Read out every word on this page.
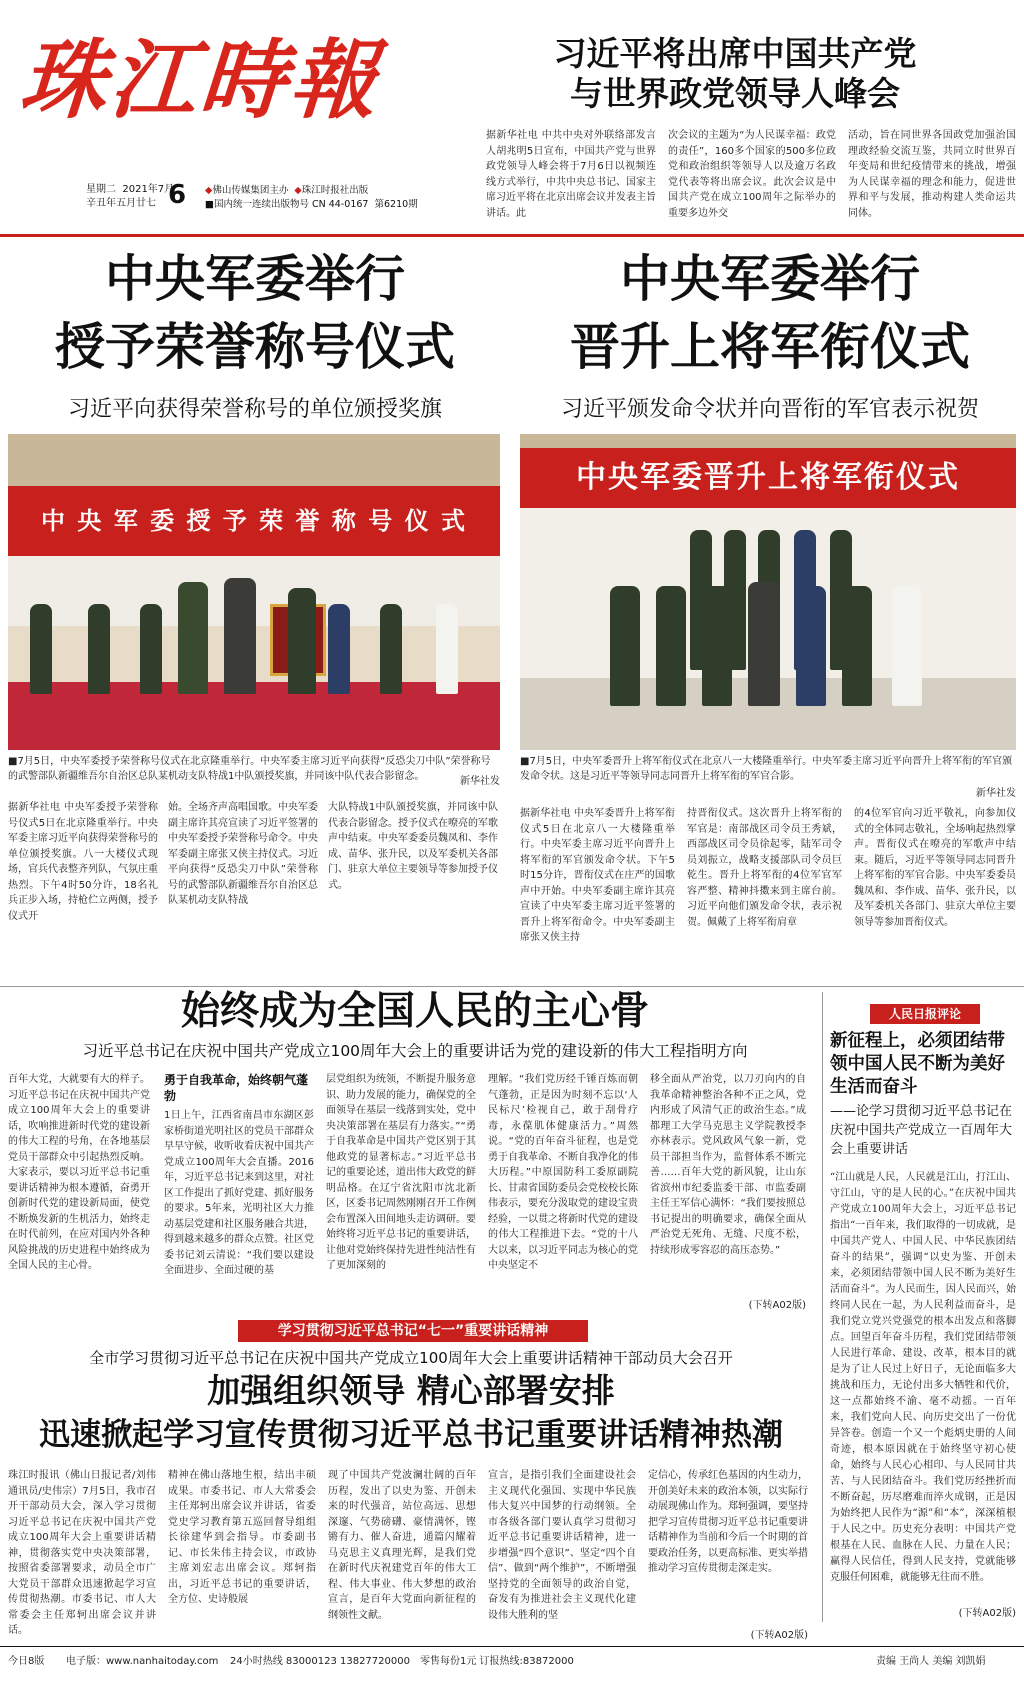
珠江時報
星期二 2021年7月
辛丑年五月廿七 6 ◆佛山传媒集团主办 ◆珠江时报社出版
■国内统一连续出版物号 CN 44-0167 第6210期
习近平将出席中国共产党
与世界政党领导人峰会
据新华社电 中共中央对外联络部发言人胡兆明5日宣布，中国共产党与世界政党领导人峰会将于7月6日以视频连线方式举行，中共中央总书记、国家主席习近平将在北京出席会议并发表主旨讲话。此
次会议的主题为“为人民谋幸福：政党的责任”，160多个国家的500多位政党和政治组织等领导人以及逾万名政党代表等将出席会议。此次会议是中国共产党在成立100周年之际举办的重要多边外交
活动，旨在同世界各国政党加强治国理政经验交流互鉴，共同立时世界百年变局和世纪疫情带来的挑战，增强为人民谋幸福的理念和能力，促进世界和平与发展，推动构建人类命运共同体。
中央军委举行
授予荣誉称号仪式
习近平向获得荣誉称号的单位颁授奖旗
中 央 军 委 授 予 荣 誉 称 号 仪 式
■7月5日，中央军委授予荣誉称号仪式在北京隆重举行。中央军委主席习近平向获得“反恐尖刀中队”荣誉称号的武警部队新疆维吾尔自治区总队某机动支队特战1中队颁授奖旗，并同该中队代表合影留念。	新华社发
据新华社电 中央军委授予荣誉称号仪式5日在北京隆重举行。中央军委主席习近平向获得荣誉称号的单位颁授奖旗。八一大楼仪式现场，官兵代表整齐列队，气氛庄重热烈。下午4时50分许，18名礼兵正步入场，持枪伫立两侧，授予仪式开
始。全场齐声高唱国歌。中央军委副主席许其亮宣读了习近平签署的中央军委授予荣誉称号命令。中央军委副主席张又侠主持仪式。习近平向获得“反恐尖刀中队”荣誉称号的武警部队新疆维吾尔自治区总队某机动支队特战
大队特战1中队颁授奖旗，并同该中队代表合影留念。授予仪式在嘹亮的军歌声中结束。中央军委委员魏凤和、李作成、苗华、张升民，以及军委机关各部门、驻京大单位主要领导等参加授予仪式。
中央军委举行
晋升上将军衔仪式
习近平颁发命令状并向晋衔的军官表示祝贺
中央军委晋升上将军衔仪式
■7月5日，中央军委晋升上将军衔仪式在北京八一大楼隆重举行。中央军委主席习近平向晋升上将军衔的军官颁发命令状。这是习近平等领导同志同晋升上将军衔的军官合影。
新华社发
据新华社电 中央军委晋升上将军衔仪式5日在北京八一大楼隆重举行。中央军委主席习近平向晋升上将军衔的军官颁发命令状。下午5时15分许，晋衔仪式在庄严的国歌声中开始。中央军委副主席许其亮宣读了中央军委主席习近平签署的晋升上将军衔命令。中央军委副主席张又侠主持
持晋衔仪式。这次晋升上将军衔的军官是：南部战区司令员王秀斌，西部战区司令员徐起零，陆军司令员刘振立，战略支援部队司令员巨乾生。晋升上将军衔的4位军官军容严整、精神抖擞来到主席台前。习近平向他们颁发命令状，表示祝贺。佩戴了上将军衔肩章
的4位军官向习近平敬礼，向参加仪式的全体同志敬礼，全场响起热烈掌声。晋衔仪式在嘹亮的军歌声中结束。随后，习近平等领导同志同晋升上将军衔的军官合影。中央军委委员魏凤和、李作成、苗华、张升民，以及军委机关各部门、驻京大单位主要领导等参加晋衔仪式。
始终成为全国人民的主心骨
习近平总书记在庆祝中国共产党成立100周年大会上的重要讲话为党的建设新的伟大工程指明方向
百年大党，大就要有大的样子。习近平总书记在庆祝中国共产党成立100周年大会上的重要讲话，吹响推进新时代党的建设新的伟大工程的号角，在各地基层党员干部群众中引起热烈反响。大家表示，要以习近平总书记重要讲话精神为根本遵循，奋勇开创新时代党的建设新局面，使党不断焕发新的生机活力，始终走在时代前列，在应对国内外各种风险挑战的历史进程中始终成为全国人民的主心骨。
勇于自我革命，始终朝气蓬勃
1日上午，江西省南昌市东湖区彭家桥街道光明社区的党员干部群众早早守候，收听收看庆祝中国共产党成立100周年大会直播。2016年，习近平总书记来到这里，对社区工作提出了抓好党建、抓好服务的要求。5年来，光明社区大力推动基层党建和社区服务融合共进，得到越来越多的群众点赞。社区党委书记刘云清说：“我们要以建设全面进步、全面过硬的基
层党组织为统领，不断提升服务意识、助力发展的能力，确保党的全面领导在基层一线落到实处，党中央决策部署在基层有力落实。”“勇于自我革命是中国共产党区别于其他政党的显著标志。”习近平总书记的重要论述，道出伟大政党的鲜明品格。在辽宁省沈阳市沈北新区，区委书记周然刚刚召开工作例会布置深入田间地头走访调研。要始终将习近平总书记的重要讲话，让他对党始终保持先进性纯洁性有了更加深刻的
理解。“我们党历经千锤百炼而朝气蓬勃，正是因为时刻不忘以‘人民标尺’检视自己，敢于刮骨疗毒，永葆肌体健康活力。”周然说。“党的百年奋斗征程，也是党勇于自我革命、不断自我净化的伟大历程。”中原国防科工委原副院长、甘肃省国防委员会党校校长陈伟表示，要充分汲取党的建设宝贵经验，一以贯之将新时代党的建设的伟大工程推进下去。“党的十八大以来，以习近平同志为核心的党中央坚定不
移全面从严治党，以刀刃向内的自我革命精神整治各种不正之风，党内形成了风清气正的政治生态。”成都理工大学马克思主义学院教授李亦林表示。党风政风气象一新，党员干部担当作为，监督体系不断完善……百年大党的新风貌，让山东省滨州市纪委监委干部、市监委副主任王军信心满怀：“我们要按照总书记提出的明确要求，确保全面从严治党无死角、无缝、尺度不松，持续形成零容忍的高压态势。”
(下转A02版)
人民日报评论
新征程上，必须团结带领中国人民不断为美好生活而奋斗
——论学习贯彻习近平总书记在庆祝中国共产党成立一百周年大会上重要讲话
“江山就是人民，人民就是江山，打江山、守江山，守的是人民的心。”在庆祝中国共产党成立100周年大会上，习近平总书记指出“一百年来，我们取得的一切成就，是中国共产党人、中国人民、中华民族团结奋斗的结果”，强调“以史为鉴、开创未来，必须团结带领中国人民不断为美好生活而奋斗”。为人民而生，因人民而兴，始终同人民在一起，为人民利益而奋斗，是我们党立党兴党强党的根本出发点和落脚点。回望百年奋斗历程，我们党团结带领人民进行革命、建设、改革，根本目的就是为了让人民过上好日子，无论面临多大挑战和压力，无论付出多大牺牲和代价，这一点都始终不渝、毫不动摇。一百年来，我们党向人民、向历史交出了一份优异答卷。创造一个又一个彪炳史册的人间奇迹，根本原因就在于始终坚守初心使命，始终与人民心心相印、与人民同甘共苦、与人民团结奋斗。我们党历经挫折而不断奋起，历尽磨难而淬火成钢，正是因为始终把人民作为“源”和“本”，深深植根于人民之中。历史充分表明：中国共产党根基在人民、血脉在人民、力量在人民；赢得人民信任，得到人民支持，党就能够克服任何困难，就能够无往而不胜。
(下转A02版)
学习贯彻习近平总书记“七一”重要讲话精神
全市学习贯彻习近平总书记在庆祝中国共产党成立100周年大会上重要讲话精神干部动员大会召开
加强组织领导 精心部署安排
迅速掀起学习宣传贯彻习近平总书记重要讲话精神热潮
珠江时报讯（佛山日报记者/刘伟 通讯员/史伟宗）7月5日，我市召开干部动员大会，深入学习贯彻习近平总书记在庆祝中国共产党成立100周年大会上重要讲话精神，贯彻落实党中央决策部署，按照省委部署要求，动员全市广大党员干部群众迅速掀起学习宣传贯彻热潮。市委书记、市人大常委会主任郑轲出席会议并讲话。
精神在佛山落地生根，结出丰硕成果。市委书记、市人大常委会主任郑轲出席会议并讲话，省委党史学习教育第五巡回督导组组长徐建华到会指导。市委副书记、市长朱伟主持会议，市政协主席刘宏志出席会议。郑轲指出，习近平总书记的重要讲话，全方位、史诗般展
现了中国共产党波澜壮阔的百年历程，发出了以史为鉴、开创未来的时代强音，站位高远、思想深邃、气势磅礴、豪情满怀，铿锵有力、催人奋进，通篇闪耀着马克思主义真理光辉，是我们党在新时代庆祝建党百年的伟大工程、伟大事业、伟大梦想的政治宣言，是百年大党面向新征程的纲领性文献。
宣言，是指引我们全面建设社会主义现代化强国、实现中华民族伟大复兴中国梦的行动纲领。全市各级各部门要认真学习贯彻习近平总书记重要讲话精神，进一步增强“四个意识”、坚定“四个自信”、做到“两个维护”，不断增强坚持党的全面领导的政治自觉，奋发有为推进社会主义现代化建设伟大胜利的坚
定信心，传承红色基因的内生动力，开创美好未来的政治本领，以实际行动展现佛山作为。郑轲强调，要坚持把学习宣传贯彻习近平总书记重要讲话精神作为当前和今后一个时期的首要政治任务，以更高标准、更实举措推动学习宣传贯彻走深走实。
(下转A02版)
今日8版 电子版：www.nanhaitoday.com 24小时热线 83000123 13827720000 零售每份1元 订报热线:83872000	责编 王尚人 美编 刘凯娟
